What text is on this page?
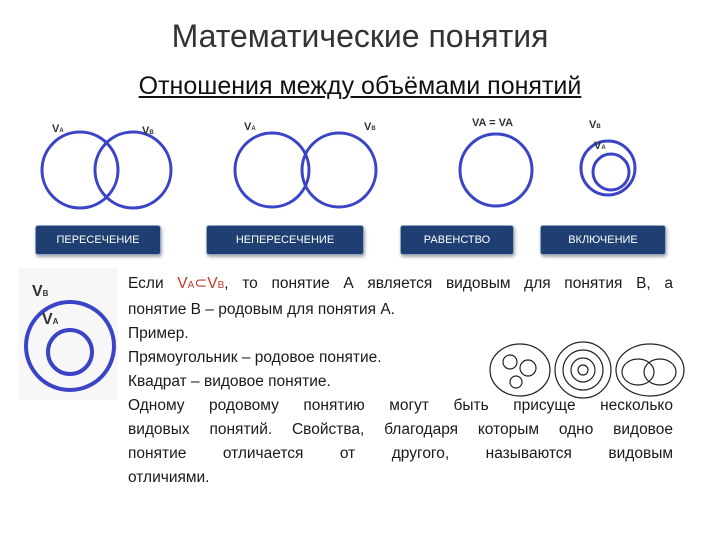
Математические понятия
Отношения между объёмами понятий
VA	VB	VA	VB	VA = VA	VB
VA
ПЕРЕСЕЧЕНИЕ	НЕПЕРЕСЕЧЕНИЕ	РАВЕНСТВО	ВКЛЮЧЕНИЕ
VB
VA

Если VA⊂VB, то понятие А является видовым для понятия В, а

понятие В – родовым для понятия А.

Пример.

Прямоугольник – родовое понятие.

Квадрат – видовое понятие.

Одному родовому понятию могут быть присуще несколько

видовых понятий. Свойства, благодаря которым одно видовое

понятие отличается от другого, называются видовым

отличиями.
